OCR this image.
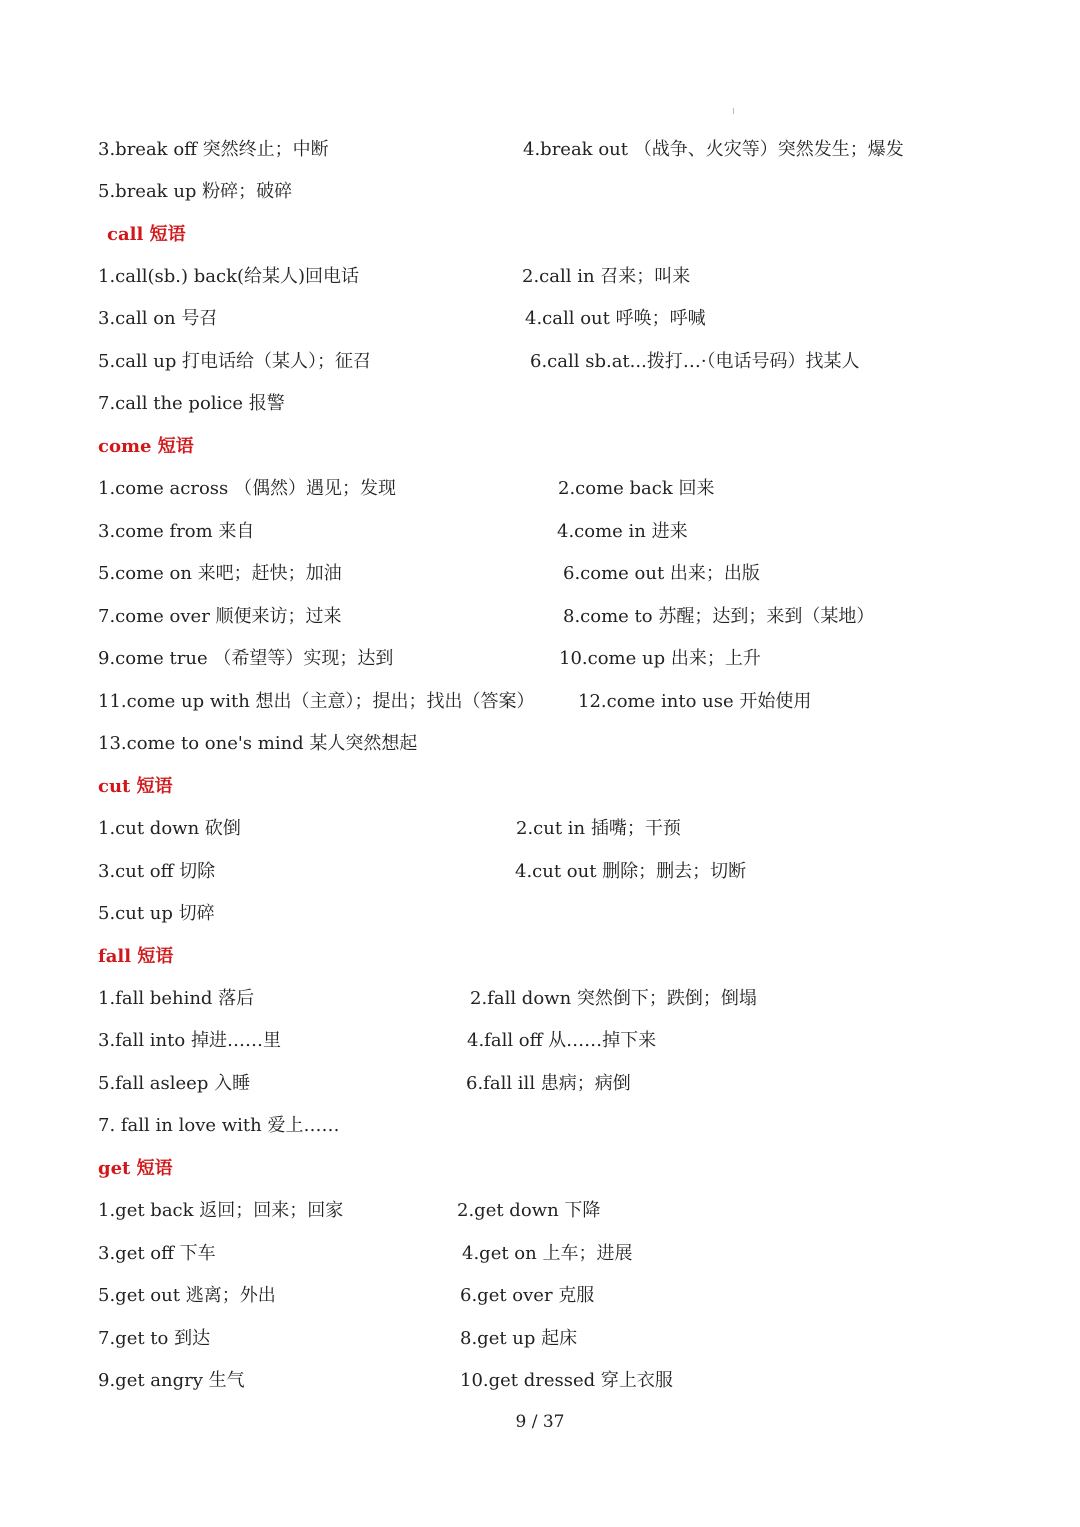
3.break off 突然终止；中断	4.break out （战争、火灾等）突然发生；爆发
5.break up 粉碎；破碎
call 短语
1.call(sb.) back(给某人)回电话	2.call in 召来；叫来
3.call on 号召	4.call out 呼唤；呼喊
5.call up 打电话给（某人）；征召	6.call sb.at...拨打…·（电话号码）找某人
7.call the police 报警
come 短语
1.come across （偶然）遇见；发现	2.come back 回来
3.come from 来自	4.come in 进来
5.come on 来吧；赶快；加油	6.come out 出来；出版
7.come over 顺便来访；过来	8.come to 苏醒；达到；来到（某地）
9.come true （希望等）实现；达到	10.come up 出来；上升
11.come up with 想出（主意）；提出；找出（答案） 12.come into use 开始使用
13.come to one's mind 某人突然想起
cut 短语
1.cut down 砍倒	2.cut in 插嘴；干预
3.cut off 切除	4.cut out 删除；删去；切断
5.cut up 切碎
fall 短语
1.fall behind 落后	2.fall down 突然倒下；跌倒；倒塌
3.fall into 掉进……里	4.fall off 从……掉下来
5.fall asleep 入睡	6.fall ill 患病；病倒
7. fall in love with 爱上……
get 短语
1.get back 返回；回来；回家	2.get down 下降
3.get off 下车	4.get on 上车；进展
5.get out 逃离；外出	6.get over 克服
7.get to 到达	8.get up 起床
9.get angry 生气	10.get dressed 穿上衣服
9 / 37
